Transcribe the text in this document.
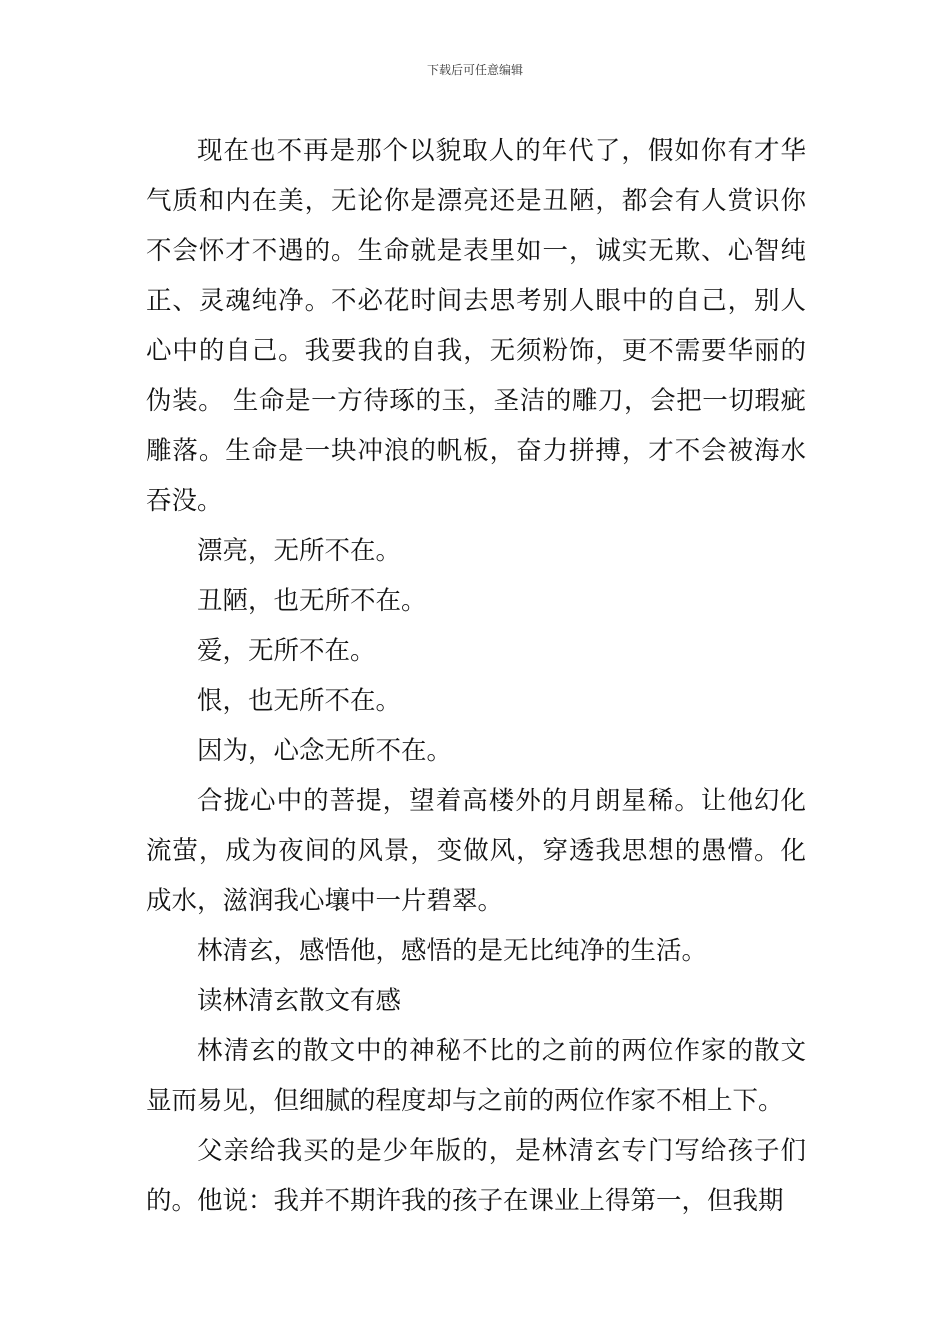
下载后可任意编辑

现在也不再是那个以貌取人的年代了，假如你有才华气质和内在美，无论你是漂亮还是丑陋，都会有人赏识你不会怀才不遇的。生命就是表里如一，诚实无欺、心智纯正、灵魂纯净。不必花时间去思考别人眼中的自己，别人心中的自己。我要我的自我，无须粉饰，更不需要华丽的伪装。 生命是一方待琢的玉，圣洁的雕刀，会把一切瑕疵雕落。生命是一块冲浪的帆板，奋力拼搏，才不会被海水吞没。

漂亮，无所不在。

丑陋，也无所不在。

爱，无所不在。

恨，也无所不在。

因为，心念无所不在。

合拢心中的菩提，望着高楼外的月朗星稀。让他幻化流萤，成为夜间的风景，变做风，穿透我思想的愚懵。化成水，滋润我心壤中一片碧翠。

林清玄，感悟他，感悟的是无比纯净的生活。

读林清玄散文有感

林清玄的散文中的神秘不比的之前的两位作家的散文显而易见，但细腻的程度却与之前的两位作家不相上下。

父亲给我买的是少年版的，是林清玄专门写给孩子们的。他说：我并不期许我的孩子在课业上得第一，但我期
